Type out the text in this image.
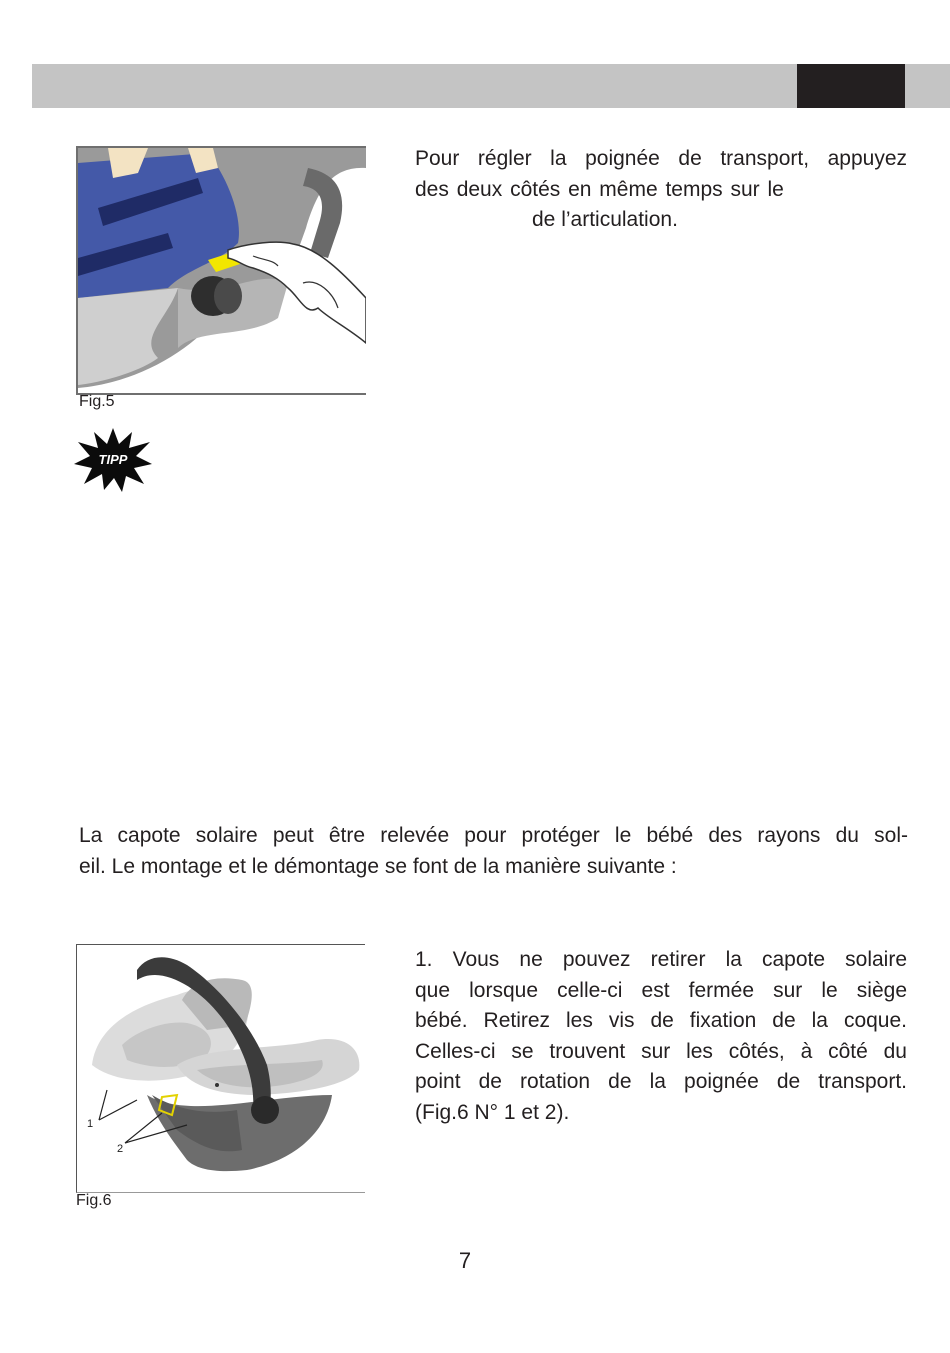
Fig.5
TIPP
Pour régler la poignée de transport, appuyez
des deux côtés en même temps sur le
de l’articulation.
La capote solaire peut être relevée pour protéger le bébé des rayons du sol-
eil. Le montage et le démontage se font de la manière suivante :
1
2
Fig.6
1. Vous ne pouvez retirer la capote solaire
que lorsque celle-ci est fermée sur le siège
bébé. Retirez les vis de fixation de la coque.
Celles-ci se trouvent sur les côtés, à côté du
point de rotation de la poignée de transport.
(Fig.6 N° 1 et 2).
7
